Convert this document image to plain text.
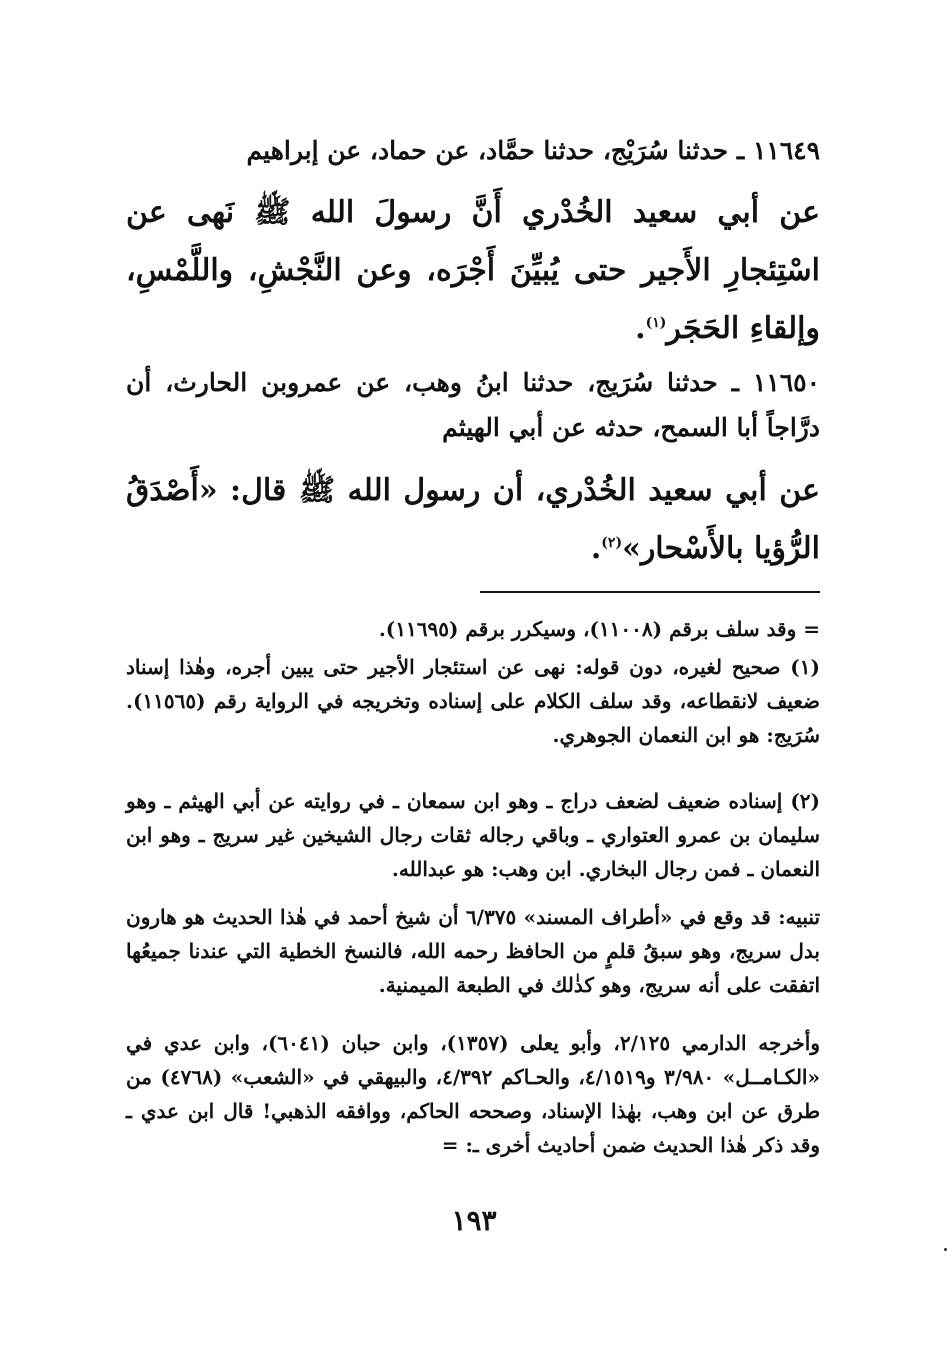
١١٦٤٩ ـ حدثنا سُرَيْج، حدثنا حمَّاد، عن حماد، عن إبراهيم
عن أبي سعيد الخُدْري أَنَّ رسولَ الله ﷺ نَهى عن اسْتِئجارِ الأَجير حتى يُبيِّنَ أَجْرَه، وعن النَّجْشِ، واللَّمْسِ، وإلقاءِ الحَجَر$^{(١)}$.
١١٦٥٠ ـ حدثنا سُرَيج، حدثنا ابنُ وهب، عن عمروبن الحارث، أن درَّاجاً أبا السمح، حدثه عن أبي الهيثم
عن أبي سعيد الخُدْري، أن رسول الله ﷺ قال: «أَصْدَقُ الرُّؤيا بالأَسْحار»$^{(٢)}$.
= وقد سلف برقم (١١٠٠٨)، وسيكرر برقم (١١٦٩٥).
(١) صحيح لغيره، دون قوله: نهى عن استئجار الأجير حتى يبين أجره، وهٰذا إسناد ضعيف لانقطاعه، وقد سلف الكلام على إسناده وتخريجه في الرواية رقم (١١٥٦٥). سُرَيج: هو ابن النعمان الجوهري.
(٢) إسناده ضعيف لضعف دراج ـ وهو ابن سمعان ـ في روايته عن أبي الهيثم ـ وهو سليمان بن عمرو العتواري ـ وباقي رجاله ثقات رجال الشيخين غير سريج ـ وهو ابن النعمان ـ فمن رجال البخاري. ابن وهب: هو عبدالله.
تنبيه: قد وقع في «أطراف المسند» ٦/٣٧٥ أن شيخ أحمد في هٰذا الحديث هو هارون بدل سريج، وهو سبقُ قلمٍ من الحافظ رحمه الله، فالنسخ الخطية التي عندنا جميعُها اتفقت على أنه سريج، وهو كذٰلك في الطبعة الميمنية.
وأخرجه الدارمي ٢/١٢٥، وأبو يعلى (١٣٥٧)، وابن حبان (٦٠٤١)، وابن عدي في «الكـامــل» ٣/٩٨٠ و٤/١٥١٩، والحـاكم ٤/٣٩٢، والبيهقي في «الشعب» (٤٧٦٨) من طرق عن ابن وهب، بهٰذا الإسناد، وصححه الحاكم، ووافقه الذهبي! قال ابن عدي ـ وقد ذكر هٰذا الحديث ضمن أحاديث أخرى ـ: =
١٩٣
